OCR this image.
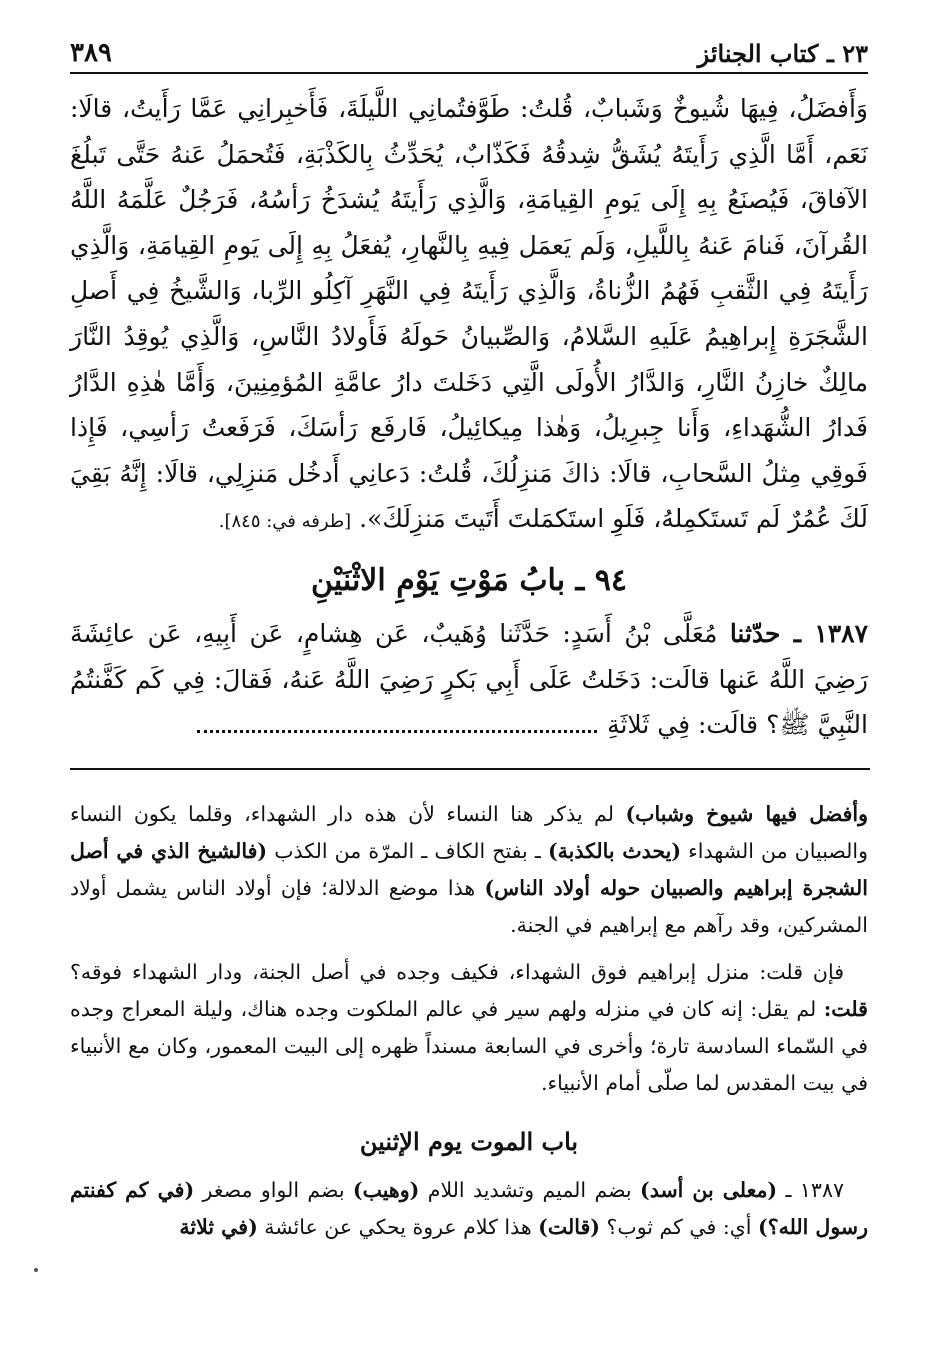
٣٨٩	٢٣ ـ كتاب الجنائز

وَأَفضَلُ، فِيهَا شُيوخٌ وَشَبابٌ، قُلتُ: طَوَّفتُمانِي اللَّيلَةَ، فَأَخبِرانِي عَمَّا رَأَيتُ، قالَا: نَعَم، أَمَّا الَّذِي رَأَيتَهُ يُشَقُّ شِدقُهُ فَكَذّابٌ، يُحَدِّثُ بِالكَذْبَةِ، فَتُحمَلُ عَنهُ حَتَّى تَبلُغَ الآفاقَ، فَيُصنَعُ بِهِ إِلَى يَومِ القِيامَةِ، وَالَّذِي رَأَيتَهُ يُشدَخُ رَأسُهُ، فَرَجُلٌ عَلَّمَهُ اللَّهُ القُرآنَ، فَنامَ عَنهُ بِاللَّيلِ، وَلَم يَعمَل فِيهِ بِالنَّهارِ، يُفعَلُ بِهِ إِلَى يَومِ القِيامَةِ، وَالَّذِي رَأَيتَهُ فِي الثَّقبِ فَهُمُ الزُّناةُ، وَالَّذِي رَأَيتَهُ فِي النَّهَرِ آكِلُو الرِّبا، وَالشَّيخُ فِي أَصلِ الشَّجَرَةِ إِبراهِيمُ عَلَيهِ السَّلامُ، وَالصِّبيانُ حَولَهُ فَأَولادُ النَّاسِ، وَالَّذِي يُوقِدُ النَّارَ مالِكٌ خازِنُ النَّارِ، وَالدَّارُ الأُولَى الَّتِي دَخَلتَ دارُ عامَّةِ المُؤمِنِينَ، وَأَمَّا هٰذِهِ الدَّارُ فَدارُ الشُّهَداءِ، وَأَنا جِبرِيلُ، وَهٰذا مِيكائِيلُ، فَارفَع رَأسَكَ، فَرَفَعتُ رَأسِي، فَإِذا فَوقِي مِثلُ السَّحابِ، قالَا: ذاكَ مَنزِلُكَ، قُلتُ: دَعانِي أَدخُل مَنزِلِي، قالَا: إِنَّهُ بَقِيَ لَكَ عُمُرٌ لَم تَستَكمِلهُ، فَلَوِ استَكمَلتَ أَتَيتَ مَنزِلَكَ». [طرفه في: ٨٤٥].

٩٤ ـ بابُ مَوْتِ يَوْمِ الاثْنَيْنِ

١٣٨٧ ـ حدّثنا مُعَلَّى بْنُ أَسَدٍ: حَدَّثَنا وُهَيبٌ، عَن هِشامٍ، عَن أَبِيهِ، عَن عائِشَةَ رَضِيَ اللَّهُ عَنها قالَت: دَخَلتُ عَلَى أَبِي بَكرٍ رَضِيَ اللَّهُ عَنهُ، فَقالَ: فِي كَم كَفَّنتُمُ النَّبِيَّ ﷺ؟ قالَت: فِي ثَلاثَةِ

وأفضل فيها شيوخ وشباب) لم يذكر هنا النساء لأن هذه دار الشهداء، وقلما يكون النساء والصبيان من الشهداء (يحدث بالكذبة) ـ بفتح الكاف ـ المرّة من الكذب (فالشيخ الذي في أصل الشجرة إبراهيم والصبيان حوله أولاد الناس) هذا موضع الدلالة؛ فإن أولاد الناس يشمل أولاد المشركين، وقد رآهم مع إبراهيم في الجنة.

فإن قلت: منزل إبراهيم فوق الشهداء، فكيف وجده في أصل الجنة، ودار الشهداء فوقه؟ قلت: لم يقل: إنه كان في منزله ولهم سير في عالم الملكوت وجده هناك، وليلة المعراج وجده في السّماء السادسة تارة؛ وأخرى في السابعة مسنداً ظهره إلى البيت المعمور، وكان مع الأنبياء في بيت المقدس لما صلّى أمام الأنبياء.

باب الموت يوم الإثنين

١٣٨٧ ـ (معلى بن أسد) بضم الميم وتشديد اللام (وهيب) بضم الواو مصغر (في كم كفنتم رسول الله؟) أي: في كم ثوب؟ (قالت) هذا كلام عروة يحكي عن عائشة (في ثلاثة
